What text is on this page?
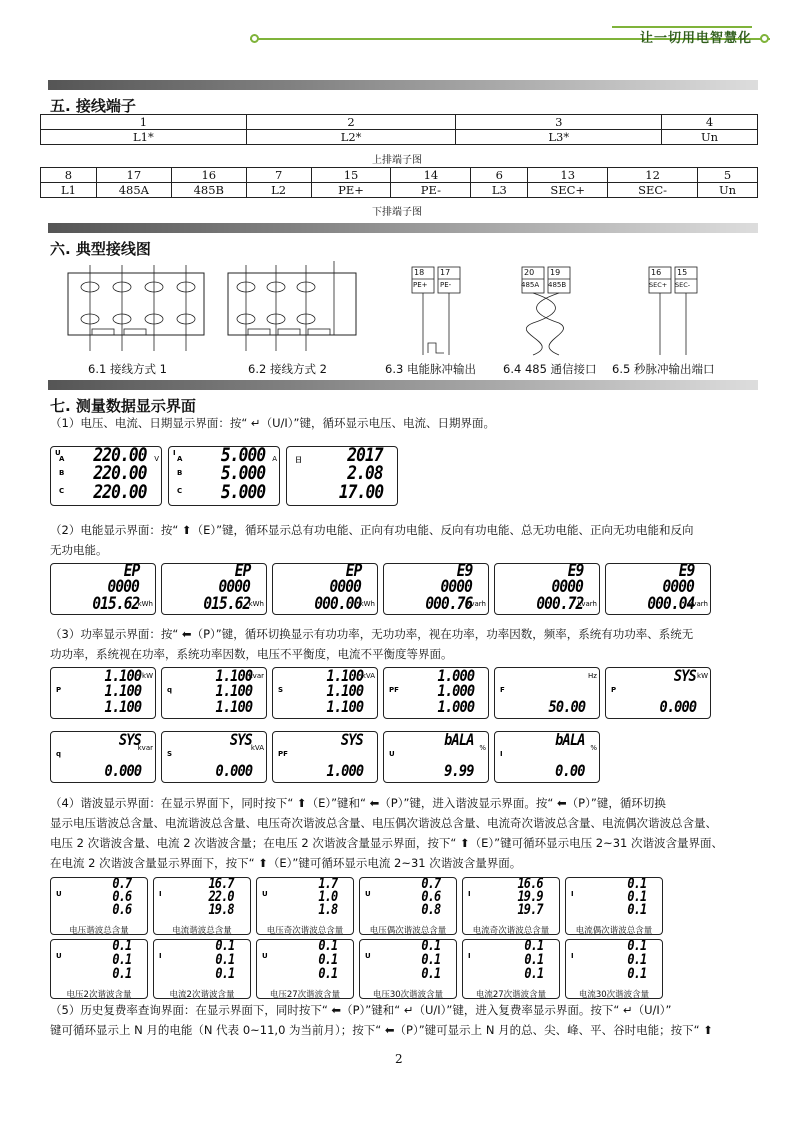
让一切用电智慧化
五. 接线端子
1	2	3	4
L1*	L2*	L3*	Un
上排端子图
8	17	16	7	15	14	6	13	12	5
L1	485A	485B	L2	PE+	PE-	L3	SEC+	SEC-	Un
下排端子图
六. 典型接线图
6.1 接线方式 1	6.2 接线方式 2
18 17
PE+ PE-
6.3 电能脉冲输出
20 19
485A 485B
6.4 485 通信接口
16 15
SEC+ SEC-
6.5 秒脉冲输出端口
七. 测量数据显示界面
（1）电压、电流、日期显示界面：按“ ↵（U/I）”键，循环显示电压、电流、日期界面。
220.00
220.00
220.00
U
A
B
C
V	5.000
5.000
5.000
I
A
B
C
A	2017
2.08
17.00
日
（2）电能显示界面：按“ ⬆（E）”键，循环显示总有功电能、正向有功电能、反向有功电能、总无功电能、正向无功电能和反向
无功电能。
EP
0000
015.62
kWh
EP
0000
015.62
kWh
EP
0000
000.00
kWh
E9
0000
000.76
kvarh
E9
0000
000.72
kvarh
E9
0000
000.04
kvarh
（3）功率显示界面：按“ ⬅（P）”键，循环切换显示有功功率，无功功率，视在功率，功率因数，频率，系统有功功率、系统无
功功率，系统视在功率，系统功率因数，电压不平衡度，电流不平衡度等界面。
1.100
1.100
1.100
P
kW	1.100
1.100
1.100
q
kvar	1.100
1.100
1.100
S
kVA	1.000
1.000
1.000
PF
50.00
F
Hz	SYS
0.000
P
kW
SYS
0.000
q
kvar	SYS
0.000
S
kVA	SYS
1.000
PF
bALA
9.99
U
%	bALA
0.00
I
%
（4）谐波显示界面：在显示界面下，同时按下“ ⬆（E）”键和“ ⬅（P）”键，进入谐波显示界面。按“ ⬅（P）”键，循环切换
显示电压谐波总含量、电流谐波总含量、电压奇次谐波总含量、电压偶次谐波总含量、电流奇次谐波总含量、电流偶次谐波总含量、
电压 2 次谐波含量、电流 2 次谐波含量；在电压 2 次谐波含量显示界面，按下“ ⬆（E）”键可循环显示电压 2~31 次谐波含量界面、
在电流 2 次谐波含量显示界面下，按下“ ⬆（E）”键可循环显示电流 2~31 次谐波含量界面。
0.7
0.6
0.6
U
电压谐波总含量
16.7
22.0
19.8
I
电流谐波总含量
1.7
1.0
1.8
U
电压奇次谐波总含量
0.7
0.6
0.8
U
电压偶次谐波总含量
16.6
19.9
19.7
I
电流奇次谐波总含量
0.1
0.1
0.1
I
电流偶次谐波总含量
0.1
0.1
0.1
U
电压2次谐波含量
0.1
0.1
0.1
I
电流2次谐波含量
0.1
0.1
0.1
U
电压27次谐波含量
0.1
0.1
0.1
U
电压30次谐波含量
0.1
0.1
0.1
I
电流27次谐波含量
0.1
0.1
0.1
I
电流30次谐波含量
（5）历史复费率查询界面：在显示界面下，同时按下“ ⬅（P）”键和“ ↵（U/I）”键，进入复费率显示界面。按下“ ↵（U/I）”
键可循环显示上 N 月的电能（N 代表 0~11,0 为当前月）；按下“ ⬅（P）”键可显示上 N 月的总、尖、峰、平、谷时电能；按下“ ⬆
2
